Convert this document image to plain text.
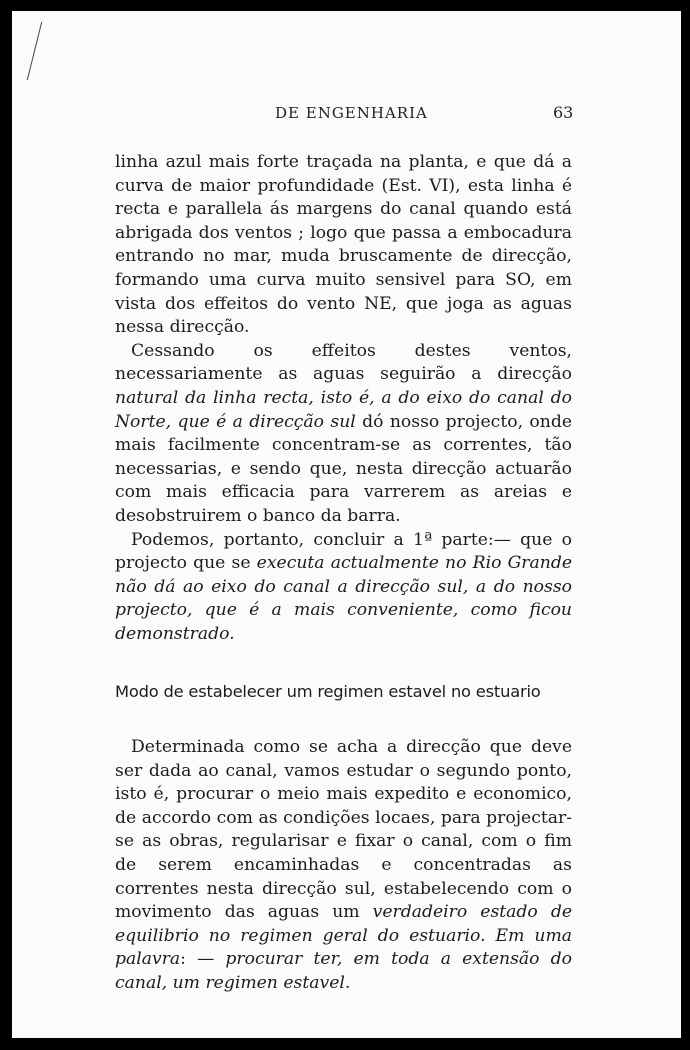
DE ENGENHARIA	63

linha azul mais forte traçada na planta, e que dá a curva de maior profundidade (Est. VI), esta linha é recta e parallela ás margens do canal quando está abrigada dos ventos ; logo que passa a embocadura entrando no mar, muda bruscamente de direcção, formando uma curva muito sensivel para SO, em vista dos effeitos do vento NE, que joga as aguas nessa direcção.

Cessando os effeitos destes ventos, necessariamente as aguas seguirão a direcção natural da linha recta, isto é, a do eixo do canal do Norte, que é a direcção sul dó nosso projecto, onde mais facilmente concentram-se as correntes, tão necessarias, e sendo que, nesta direcção actuarão com mais efficacia para varrerem as areias e desobstruirem o banco da barra.

Podemos, portanto, concluir a 1ª parte:— que o projecto que se executa actualmente no Rio Grande não dá ao eixo do canal a direcção sul, a do nosso projecto, que é a mais conveniente, como ficou demonstrado.

Modo de estabelecer um regimen estavel no estuario

Determinada como se acha a direcção que deve ser dada ao canal, vamos estudar o segundo ponto, isto é, procurar o meio mais expedito e economico, de accordo com as condições locaes, para projectar-se as obras, regularisar e fixar o canal, com o fim de serem encaminhadas e concentradas as correntes nesta direcção sul, estabelecendo com o movimento das aguas um verdadeiro estado de equilibrio no regimen geral do estuario. Em uma palavra: — procurar ter, em toda a extensão do canal, um regimen estavel.
